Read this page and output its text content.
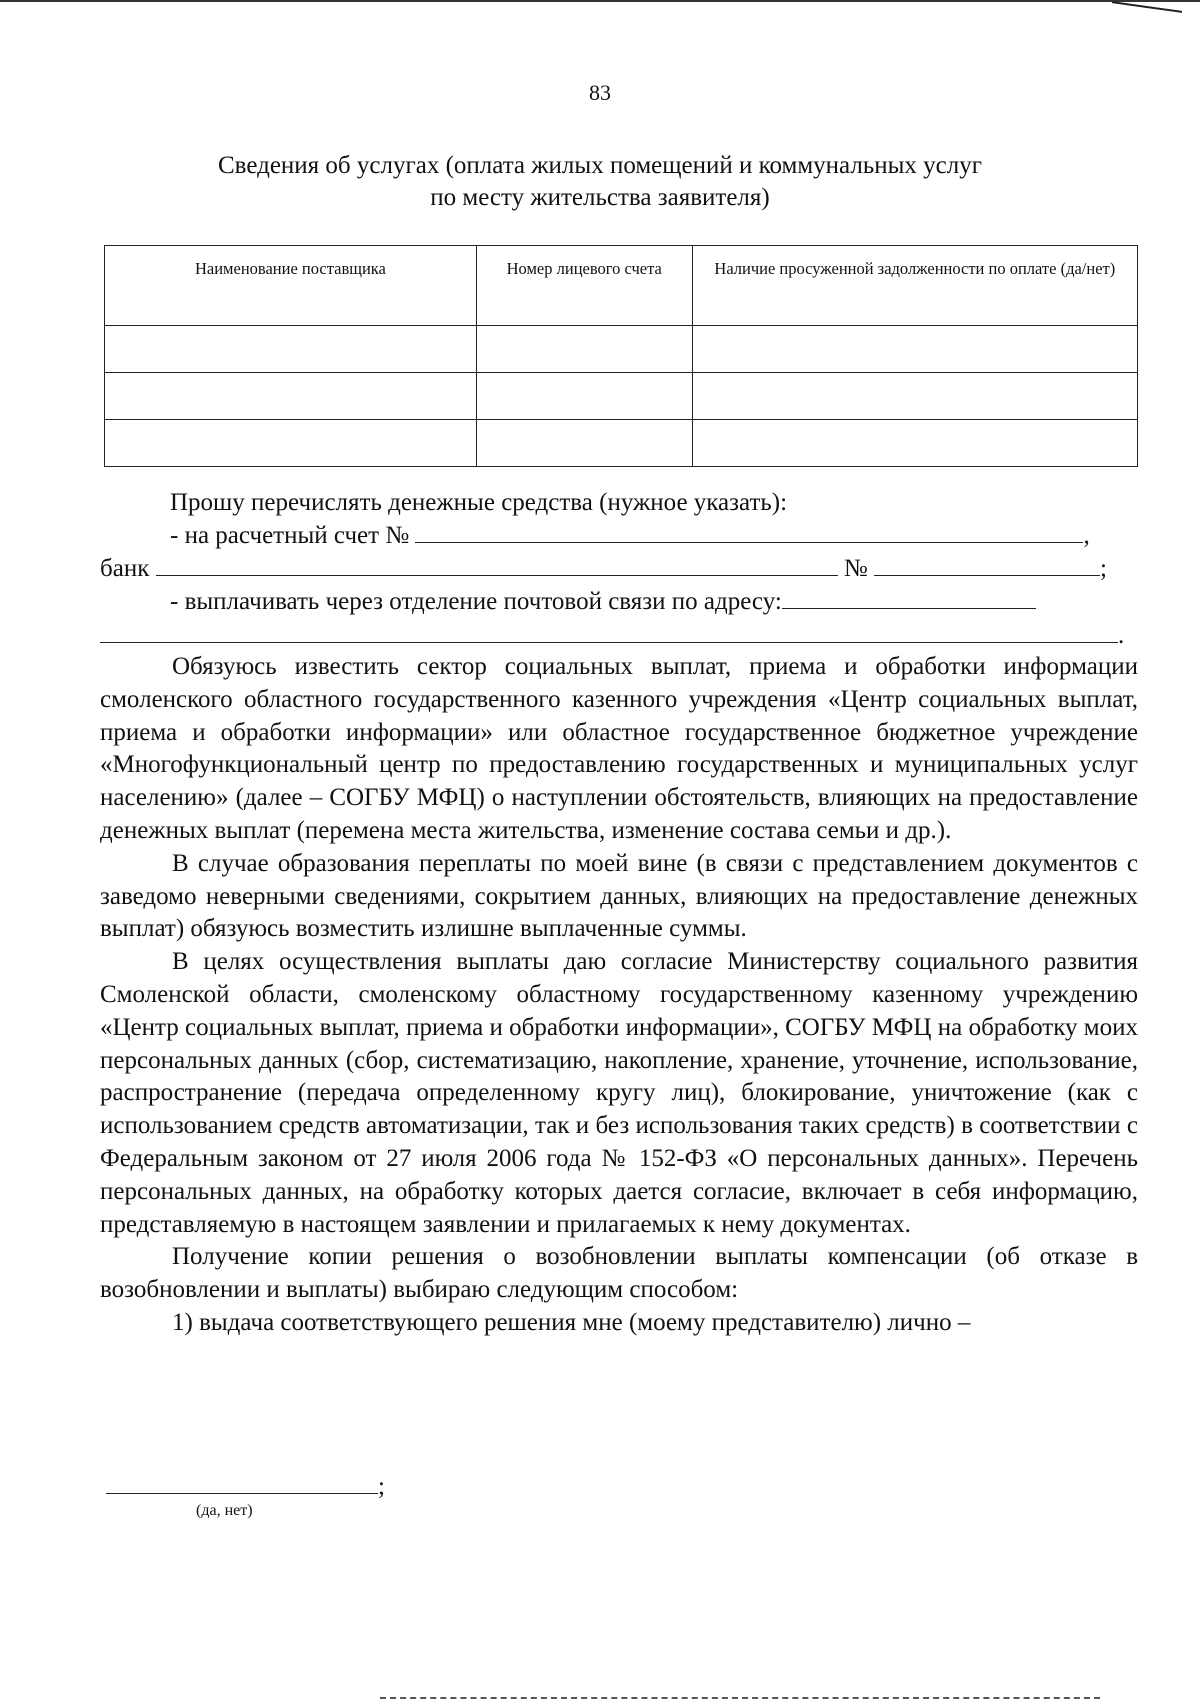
83
Сведения об услугах (оплата жилых помещений и коммунальных услуг
по месту жительства заявителя)
Наименование поставщика	Номер лицевого счета	Наличие просуженной задолженности по оплате (да/нет)

Прошу перечислять денежные средства (нужное указать):
- на расчетный счет №	,
банк	№	;
- выплачивать через отделение почтовой связи по адресу:
.

Обязуюсь известить сектор социальных выплат, приема и обработки информации смоленского областного государственного казенного учреждения «Центр социальных выплат, приема и обработки информации» или областное государственное бюджетное учреждение «Многофункциональный центр по предоставлению государственных и муниципальных услуг населению» (далее – СОГБУ МФЦ) о наступлении обстоятельств, влияющих на предоставление денежных выплат (перемена места жительства, изменение состава семьи и др.).

В случае образования переплаты по моей вине (в связи с представлением документов с заведомо неверными сведениями, сокрытием данных, влияющих на предоставление денежных выплат) обязуюсь возместить излишне выплаченные суммы.

В целях осуществления выплаты даю согласие Министерству социального развития Смоленской области, смоленскому областному государственному казенному учреждению «Центр социальных выплат, приема и обработки информации», СОГБУ МФЦ на обработку моих персональных данных (сбор, систематизацию, накопление, хранение, уточнение, использование, распространение (передача определенному кругу лиц), блокирование, уничтожение (как с использованием средств автоматизации, так и без использования таких средств) в соответствии с Федеральным законом от 27 июля 2006 года № 152-ФЗ «О персональных данных». Перечень персональных данных, на обработку которых дается согласие, включает в себя информацию, представляемую в настоящем заявлении и прилагаемых к нему документах.

Получение копии решения о возобновлении выплаты компенсации (об отказе в возобновлении и выплаты) выбираю следующим способом:

1) выдача соответствующего решения мне (моему представителю) лично –

;
(да, нет)
